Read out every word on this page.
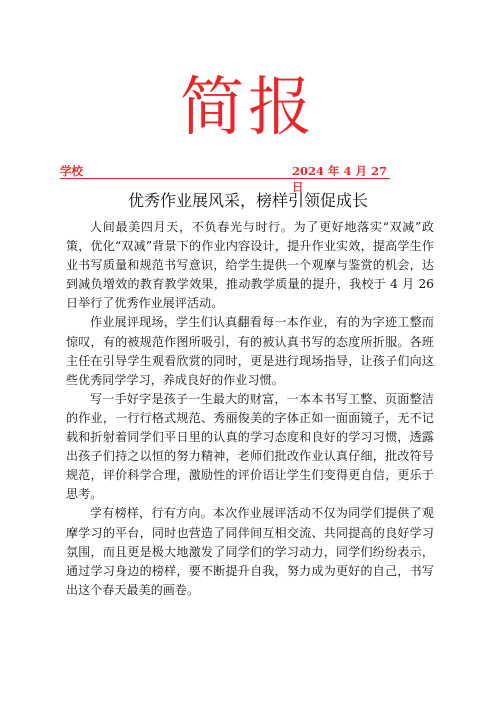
简报
学校	2024 年 4 月 27 日
优秀作业展风采，榜样引领促成长

人间最美四月天，不负春光与时行。为了更好地落实“双减”政策，优化“双减”背景下的作业内容设计，提升作业实效，提高学生作业书写质量和规范书写意识，给学生提供一个观摩与鉴赏的机会，达到减负增效的教育教学效果，推动教学质量的提升，我校于 4 月 26 日举行了优秀作业展评活动。

作业展评现场，学生们认真翻看每一本作业，有的为字迹工整而惊叹，有的被规范作图所吸引，有的被认真书写的态度所折服。各班主任在引导学生观看欣赏的同时，更是进行现场指导，让孩子们向这些优秀同学学习，养成良好的作业习惯。

写一手好字是孩子一生最大的财富，一本本书写工整、页面整洁的作业，一行行格式规范、秀丽俊美的字体正如一面面镜子，无不记载和折射着同学们平日里的认真的学习态度和良好的学习习惯，透露出孩子们持之以恒的努力精神，老师们批改作业认真仔细，批改符号规范，评价科学合理，激励性的评价语让学生们变得更自信，更乐于思考。

学有榜样，行有方向。本次作业展评活动不仅为同学们提供了观摩学习的平台，同时也营造了同伴间互相交流、共同提高的良好学习氛围，而且更是极大地激发了同学们的学习动力，同学们纷纷表示，通过学习身边的榜样，要不断提升自我，努力成为更好的自己，书写出这个春天最美的画卷。
